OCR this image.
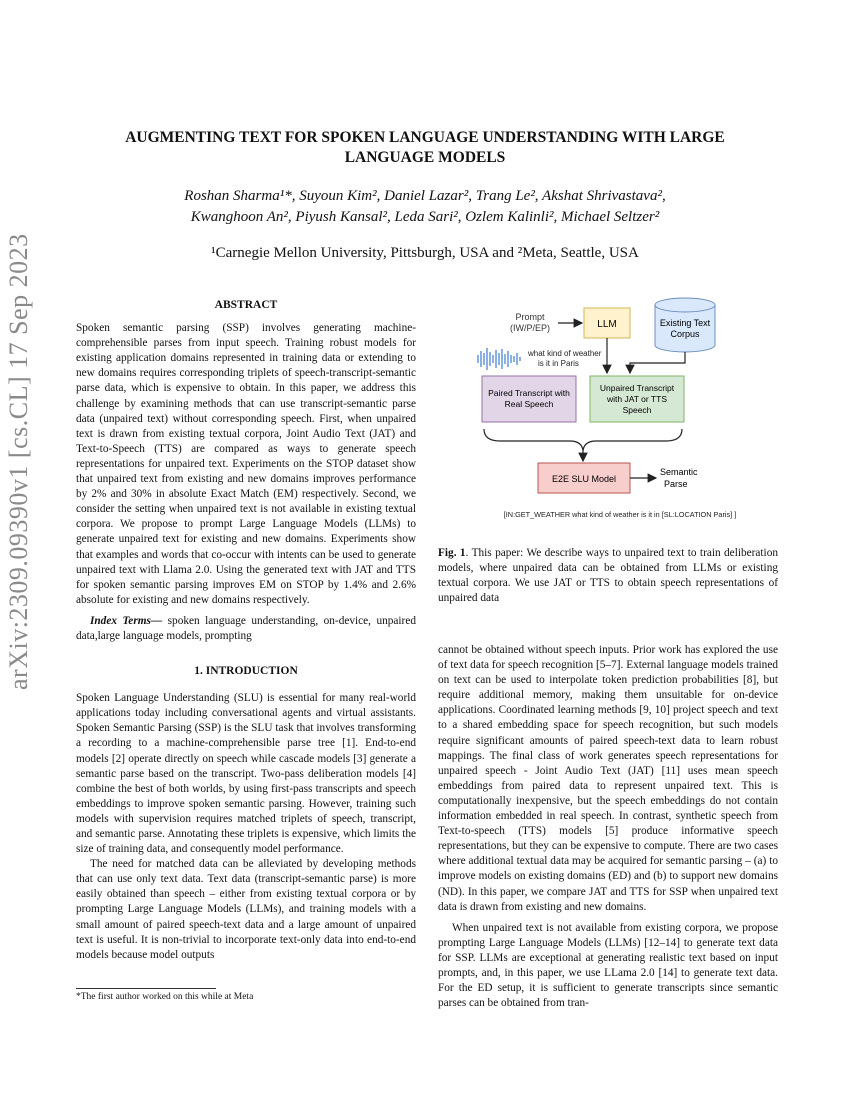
arXiv:2309.09390v1 [cs.CL] 17 Sep 2023
AUGMENTING TEXT FOR SPOKEN LANGUAGE UNDERSTANDING WITH LARGE
LANGUAGE MODELS
Roshan Sharma¹*, Suyoun Kim², Daniel Lazar², Trang Le², Akshat Shrivastava²,
Kwanghoon An², Piyush Kansal², Leda Sari², Ozlem Kalinli², Michael Seltzer²
¹Carnegie Mellon University, Pittsburgh, USA and ²Meta, Seattle, USA
ABSTRACT

Spoken semantic parsing (SSP) involves generating machine-comprehensible parses from input speech. Training robust models for existing application domains represented in training data or extending to new domains requires corresponding triplets of speech-transcript-semantic parse data, which is expensive to obtain. In this paper, we address this challenge by examining methods that can use transcript-semantic parse data (unpaired text) without corresponding speech. First, when unpaired text is drawn from existing textual corpora, Joint Audio Text (JAT) and Text-to-Speech (TTS) are compared as ways to generate speech representations for unpaired text. Experiments on the STOP dataset show that unpaired text from existing and new domains improves performance by 2% and 30% in absolute Exact Match (EM) respectively. Second, we consider the setting when unpaired text is not available in existing textual corpora. We propose to prompt Large Language Models (LLMs) to generate unpaired text for existing and new domains. Experiments show that examples and words that co-occur with intents can be used to generate unpaired text with Llama 2.0. Using the generated text with JAT and TTS for spoken semantic parsing improves EM on STOP by 1.4% and 2.6% absolute for existing and new domains respectively.

Index Terms— spoken language understanding, on-device, unpaired data,large language models, prompting

1. INTRODUCTION

Spoken Language Understanding (SLU) is essential for many real-world applications today including conversational agents and virtual assistants. Spoken Semantic Parsing (SSP) is the SLU task that involves transforming a recording to a machine-comprehensible parse tree [1]. End-to-end models [2] operate directly on speech while cascade models [3] generate a semantic parse based on the transcript. Two-pass deliberation models [4] combine the best of both worlds, by using first-pass transcripts and speech embeddings to improve spoken semantic parsing. However, training such models with supervision requires matched triplets of speech, transcript, and semantic parse. Annotating these triplets is expensive, which limits the size of training data, and consequently model performance.

The need for matched data can be alleviated by developing methods that can use only text data. Text data (transcript-semantic parse) is more easily obtained than speech – either from existing textual corpora or by prompting Large Language Models (LLMs), and training models with a small amount of paired speech-text data and a large amount of unpaired text is useful. It is non-trivial to incorporate text-only data into end-to-end models because model outputs

*The first author worked on this while at Meta
Prompt
(IW/P/EP)	LLM	Existing Text
Corpus
what kind of weather
is it in Paris
Paired Transcript with
Real Speech
Unpaired Transcript
with JAT or TTS
Speech
E2E SLU Model
Semantic
Parse
[IN:GET_WEATHER what kind of weather is it in [SL:LOCATION Paris] ]
Fig. 1. This paper: We describe ways to unpaired text to train deliberation models, where unpaired data can be obtained from LLMs or existing textual corpora. We use JAT or TTS to obtain speech representations of unpaired data

cannot be obtained without speech inputs. Prior work has explored the use of text data for speech recognition [5–7]. External language models trained on text can be used to interpolate token prediction probabilities [8], but require additional memory, making them unsuitable for on-device applications. Coordinated learning methods [9, 10] project speech and text to a shared embedding space for speech recognition, but such models require significant amounts of paired speech-text data to learn robust mappings. The final class of work generates speech representations for unpaired speech - Joint Audio Text (JAT) [11] uses mean speech embeddings from paired data to represent unpaired text. This is computationally inexpensive, but the speech embeddings do not contain information embedded in real speech. In contrast, synthetic speech from Text-to-speech (TTS) models [5] produce informative speech representations, but they can be expensive to compute. There are two cases where additional textual data may be acquired for semantic parsing – (a) to improve models on existing domains (ED) and (b) to support new domains (ND). In this paper, we compare JAT and TTS for SSP when unpaired text data is drawn from existing and new domains.

When unpaired text is not available from existing corpora, we propose prompting Large Language Models (LLMs) [12–14] to generate text data for SSP. LLMs are exceptional at generating realistic text based on input prompts, and, in this paper, we use LLama 2.0 [14] to generate text data. For the ED setup, it is sufficient to generate transcripts since semantic parses can be obtained from tran-
